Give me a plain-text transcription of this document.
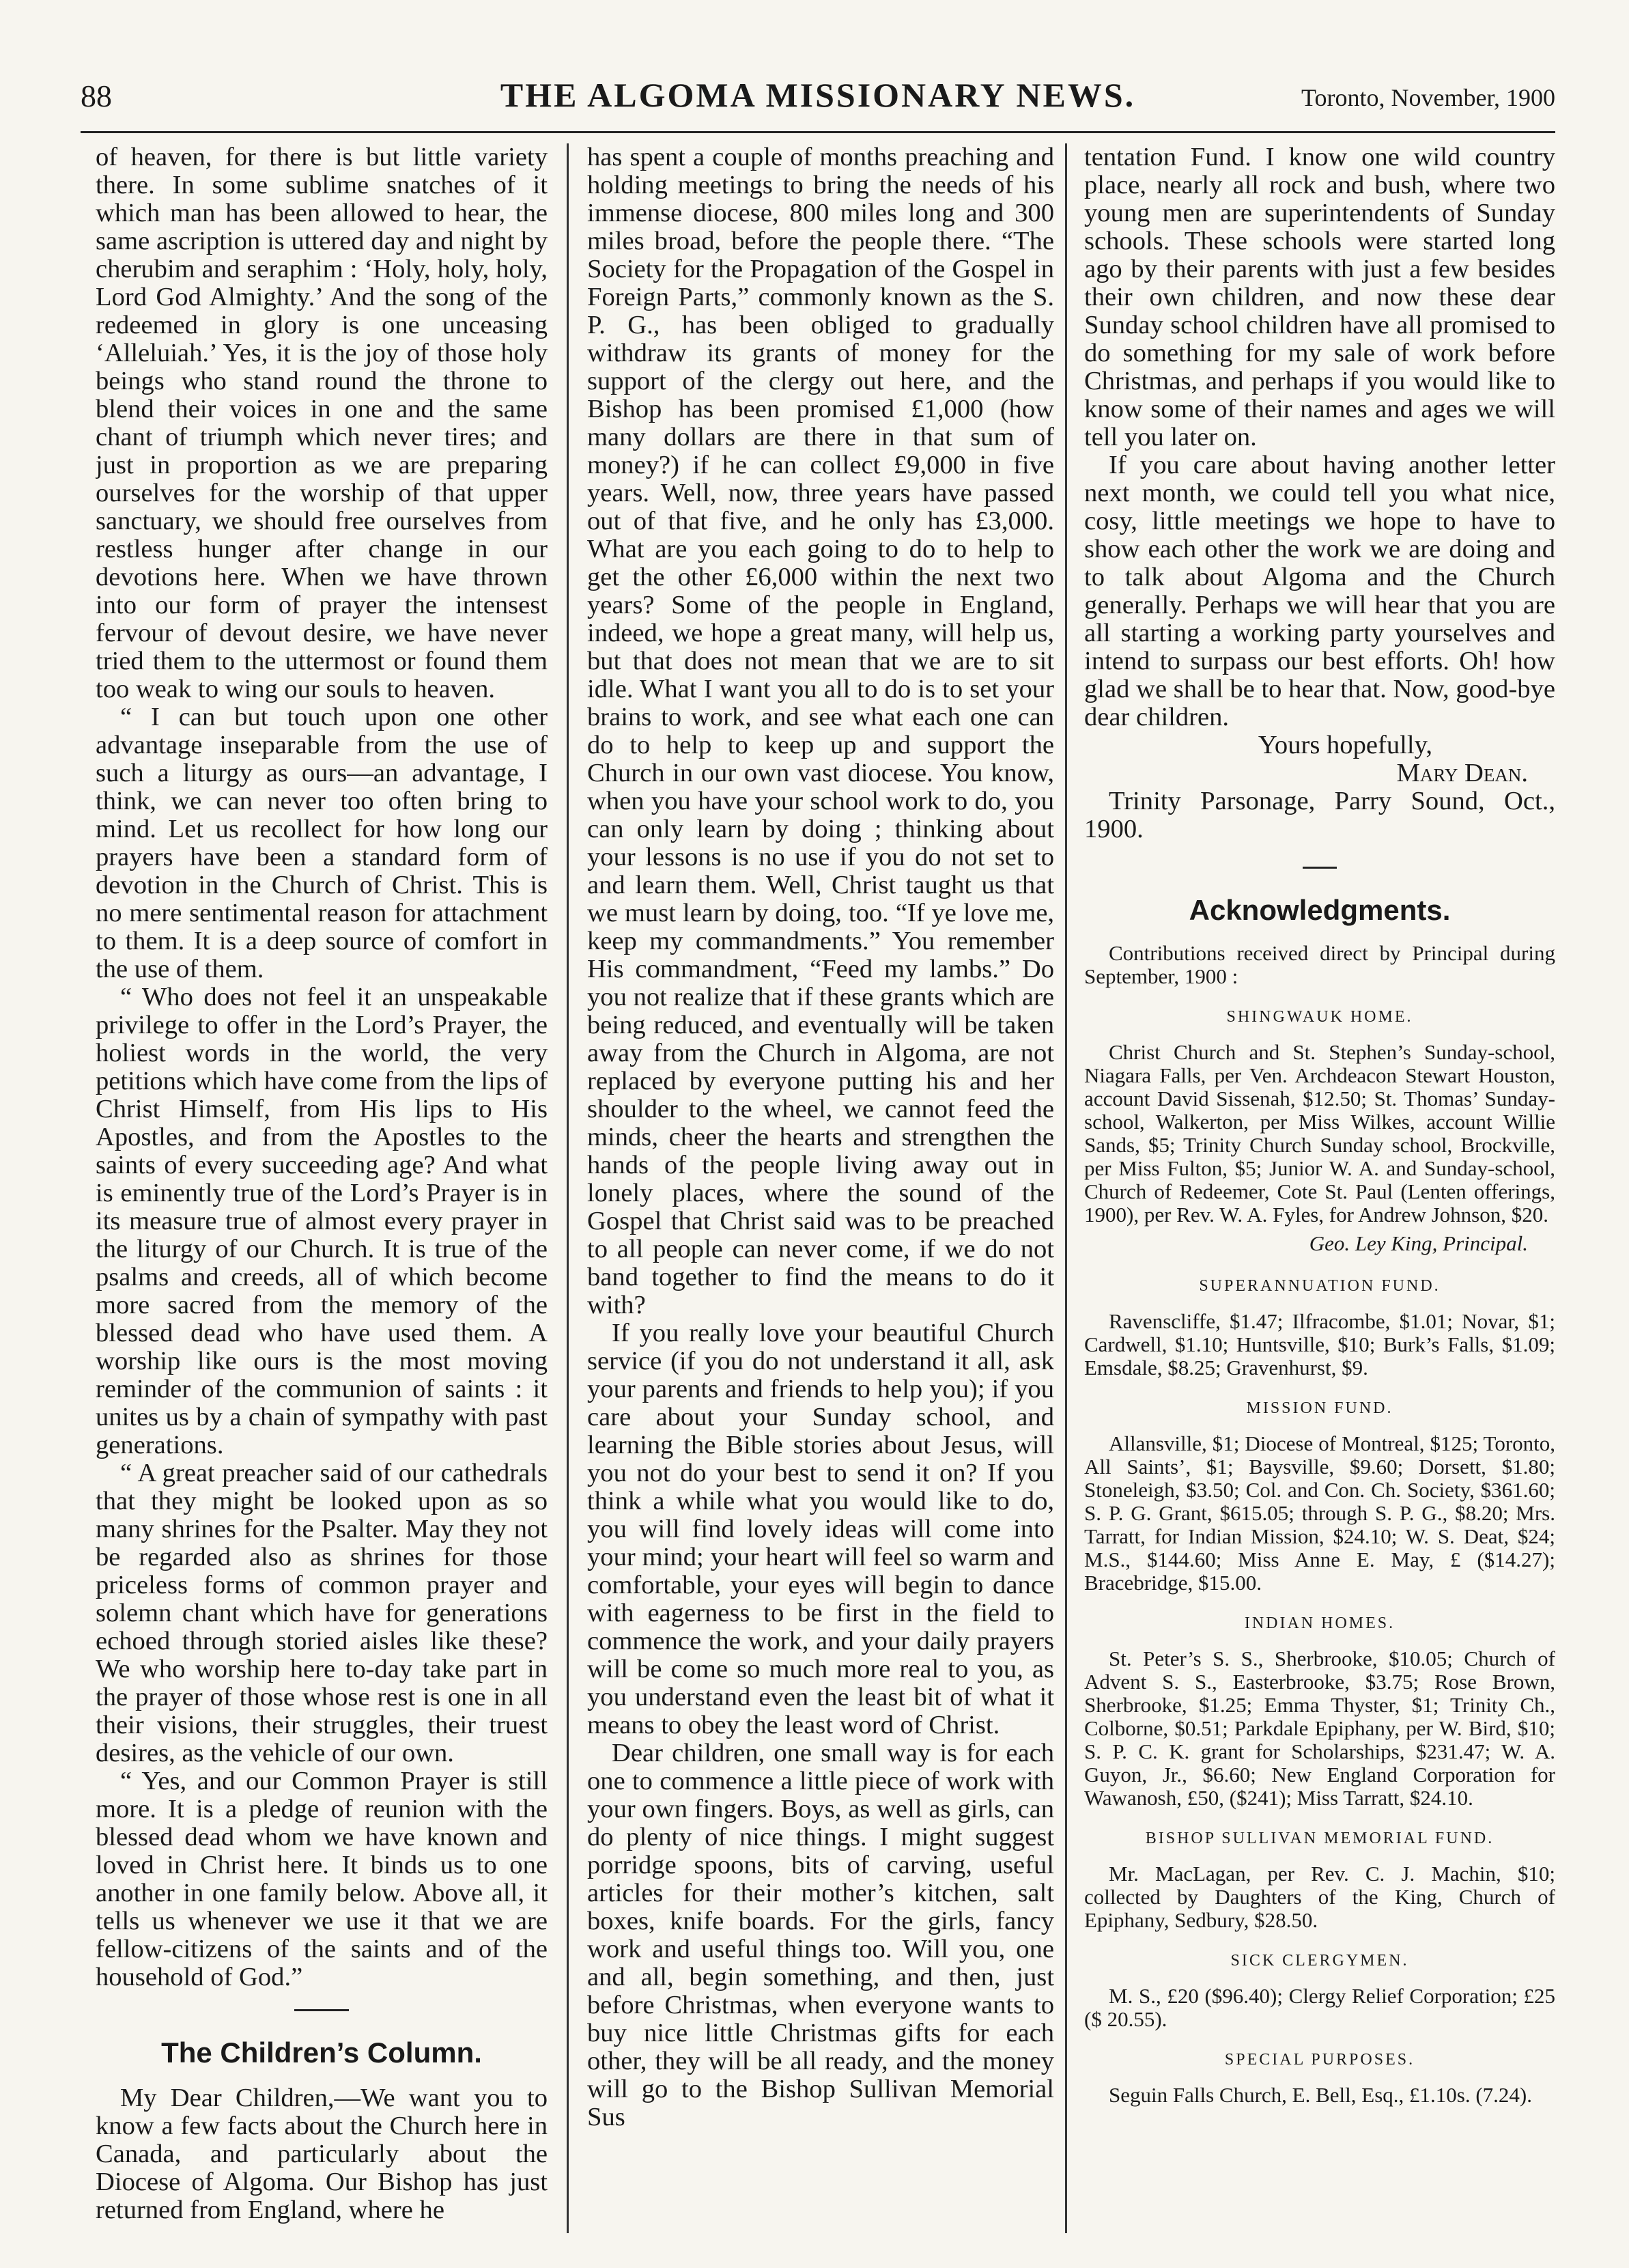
88	THE ALGOMA MISSIONARY NEWS.	Toronto, November, 1900

of heaven, for there is but little variety there. In some sublime snatches of it which man has been allowed to hear, the same ascription is uttered day and night by cherubim and seraphim : ‘Holy, holy, holy, Lord God Almighty.’ And the song of the redeemed in glory is one unceasing ‘Alleluiah.’ Yes, it is the joy of those holy beings who stand round the throne to blend their voices in one and the same chant of triumph which never tires; and just in proportion as we are preparing ourselves for the worship of that upper sanctuary, we should free ourselves from restless hunger after change in our devotions here. When we have thrown into our form of prayer the intensest fervour of devout desire, we have never tried them to the uttermost or found them too weak to wing our souls to heaven.

“ I can but touch upon one other advantage inseparable from the use of such a liturgy as ours—an advantage, I think, we can never too often bring to mind. Let us recollect for how long our prayers have been a standard form of devotion in the Church of Christ. This is no mere sentimental reason for attachment to them. It is a deep source of comfort in the use of them.

“ Who does not feel it an unspeakable privilege to offer in the Lord’s Prayer, the holiest words in the world, the very petitions which have come from the lips of Christ Himself, from His lips to His Apostles, and from the Apostles to the saints of every succeeding age? And what is eminently true of the Lord’s Prayer is in its measure true of almost every prayer in the liturgy of our Church. It is true of the psalms and creeds, all of which become more sacred from the memory of the blessed dead who have used them. A worship like ours is the most moving reminder of the communion of saints : it unites us by a chain of sympathy with past generations.

“ A great preacher said of our cathedrals that they might be looked upon as so many shrines for the Psalter. May they not be regarded also as shrines for those priceless forms of common prayer and solemn chant which have for generations echoed through storied aisles like these? We who worship here to-day take part in the prayer of those whose rest is one in all their visions, their struggles, their truest desires, as the vehicle of our own.

“ Yes, and our Common Prayer is still more. It is a pledge of reunion with the blessed dead whom we have known and loved in Christ here. It binds us to one another in one family below. Above all, it tells us whenever we use it that we are fellow-citizens of the saints and of the household of God.”

The Children’s Column.

My Dear Children,—We want you to know a few facts about the Church here in Canada, and particularly about the Diocese of Algoma. Our Bishop has just returned from England, where he

has spent a couple of months preaching and holding meetings to bring the needs of his immense diocese, 800 miles long and 300 miles broad, before the people there. “The Society for the Propagation of the Gospel in Foreign Parts,” commonly known as the S. P. G., has been obliged to gradually withdraw its grants of money for the support of the clergy out here, and the Bishop has been promised £1,000 (how many dollars are there in that sum of money?) if he can collect £9,000 in five years. Well, now, three years have passed out of that five, and he only has £3,000. What are you each going to do to help to get the other £6,000 within the next two years? Some of the people in England, indeed, we hope a great many, will help us, but that does not mean that we are to sit idle. What I want you all to do is to set your brains to work, and see what each one can do to help to keep up and support the Church in our own vast diocese. You know, when you have your school work to do, you can only learn by doing ; thinking about your lessons is no use if you do not set to and learn them. Well, Christ taught us that we must learn by doing, too. “If ye love me, keep my commandments.” You remember His commandment, “Feed my lambs.” Do you not realize that if these grants which are being reduced, and eventually will be taken away from the Church in Algoma, are not replaced by everyone putting his and her shoulder to the wheel, we cannot feed the minds, cheer the hearts and strengthen the hands of the people living away out in lonely places, where the sound of the Gospel that Christ said was to be preached to all people can never come, if we do not band together to find the means to do it with?

If you really love your beautiful Church service (if you do not understand it all, ask your parents and friends to help you); if you care about your Sunday school, and learning the Bible stories about Jesus, will you not do your best to send it on? If you think a while what you would like to do, you will find lovely ideas will come into your mind; your heart will feel so warm and comfortable, your eyes will begin to dance with eagerness to be first in the field to commence the work, and your daily prayers will be come so much more real to you, as you understand even the least bit of what it means to obey the least word of Christ.

Dear children, one small way is for each one to commence a little piece of work with your own fingers. Boys, as well as girls, can do plenty of nice things. I might suggest porridge spoons, bits of carving, useful articles for their mother’s kitchen, salt boxes, knife boards. For the girls, fancy work and useful things too. Will you, one and all, begin something, and then, just before Christmas, when everyone wants to buy nice little Christmas gifts for each other, they will be all ready, and the money will go to the Bishop Sullivan Memorial Sus

tentation Fund. I know one wild country place, nearly all rock and bush, where two young men are superintendents of Sunday schools. These schools were started long ago by their parents with just a few besides their own children, and now these dear Sunday school children have all promised to do something for my sale of work before Christmas, and perhaps if you would like to know some of their names and ages we will tell you later on.

If you care about having another letter next month, we could tell you what nice, cosy, little meetings we hope to have to show each other the work we are doing and to talk about Algoma and the Church generally. Perhaps we will hear that you are all starting a working party yourselves and intend to surpass our best efforts. Oh! how glad we shall be to hear that. Now, good-bye dear children.

Yours hopefully,

Mary Dean.

Trinity Parsonage, Parry Sound, Oct., 1900.

Acknowledgments.

Contributions received direct by Principal during September, 1900 :

SHINGWAUK HOME.

Christ Church and St. Stephen’s Sunday-school, Niagara Falls, per Ven. Archdeacon Stewart Houston, account David Sissenah, $12.50; St. Thomas’ Sunday-school, Walkerton, per Miss Wilkes, account Willie Sands, $5; Trinity Church Sunday school, Brockville, per Miss Fulton, $5; Junior W. A. and Sunday-school, Church of Redeemer, Cote St. Paul (Lenten offerings, 1900), per Rev. W. A. Fyles, for Andrew Johnson, $20.

Geo. Ley King, Principal.

SUPERANNUATION FUND.

Ravenscliffe, $1.47; Ilfracombe, $1.01; Novar, $1; Cardwell, $1.10; Huntsville, $10; Burk’s Falls, $1.09; Emsdale, $8.25; Gravenhurst, $9.

MISSION FUND.

Allansville, $1; Diocese of Montreal, $125; Toronto, All Saints’, $1; Baysville, $9.60; Dorsett, $1.80; Stoneleigh, $3.50; Col. and Con. Ch. Society, $361.60; S. P. G. Grant, $615.05; through S. P. G., $8.20; Mrs. Tarratt, for Indian Mission, $24.10; W. S. Deat, $24; M.S., $144.60; Miss Anne E. May, £ ($14.27); Bracebridge, $15.00.

INDIAN HOMES.

St. Peter’s S. S., Sherbrooke, $10.05; Church of Advent S. S., Easterbrooke, $3.75; Rose Brown, Sherbrooke, $1.25; Emma Thyster, $1; Trinity Ch., Colborne, $0.51; Parkdale Epiphany, per W. Bird, $10; S. P. C. K. grant for Scholarships, $231.47; W. A. Guyon, Jr., $6.60; New England Corporation for Wawanosh, £50, ($241); Miss Tarratt, $24.10.

BISHOP SULLIVAN MEMORIAL FUND.

Mr. MacLagan, per Rev. C. J. Machin, $10; collected by Daughters of the King, Church of Epiphany, Sedbury, $28.50.

SICK CLERGYMEN.

M. S., £20 ($96.40); Clergy Relief Corporation; £25 ($ 20.55).

SPECIAL PURPOSES.

Seguin Falls Church, E. Bell, Esq., £1.10s. (7.24).
